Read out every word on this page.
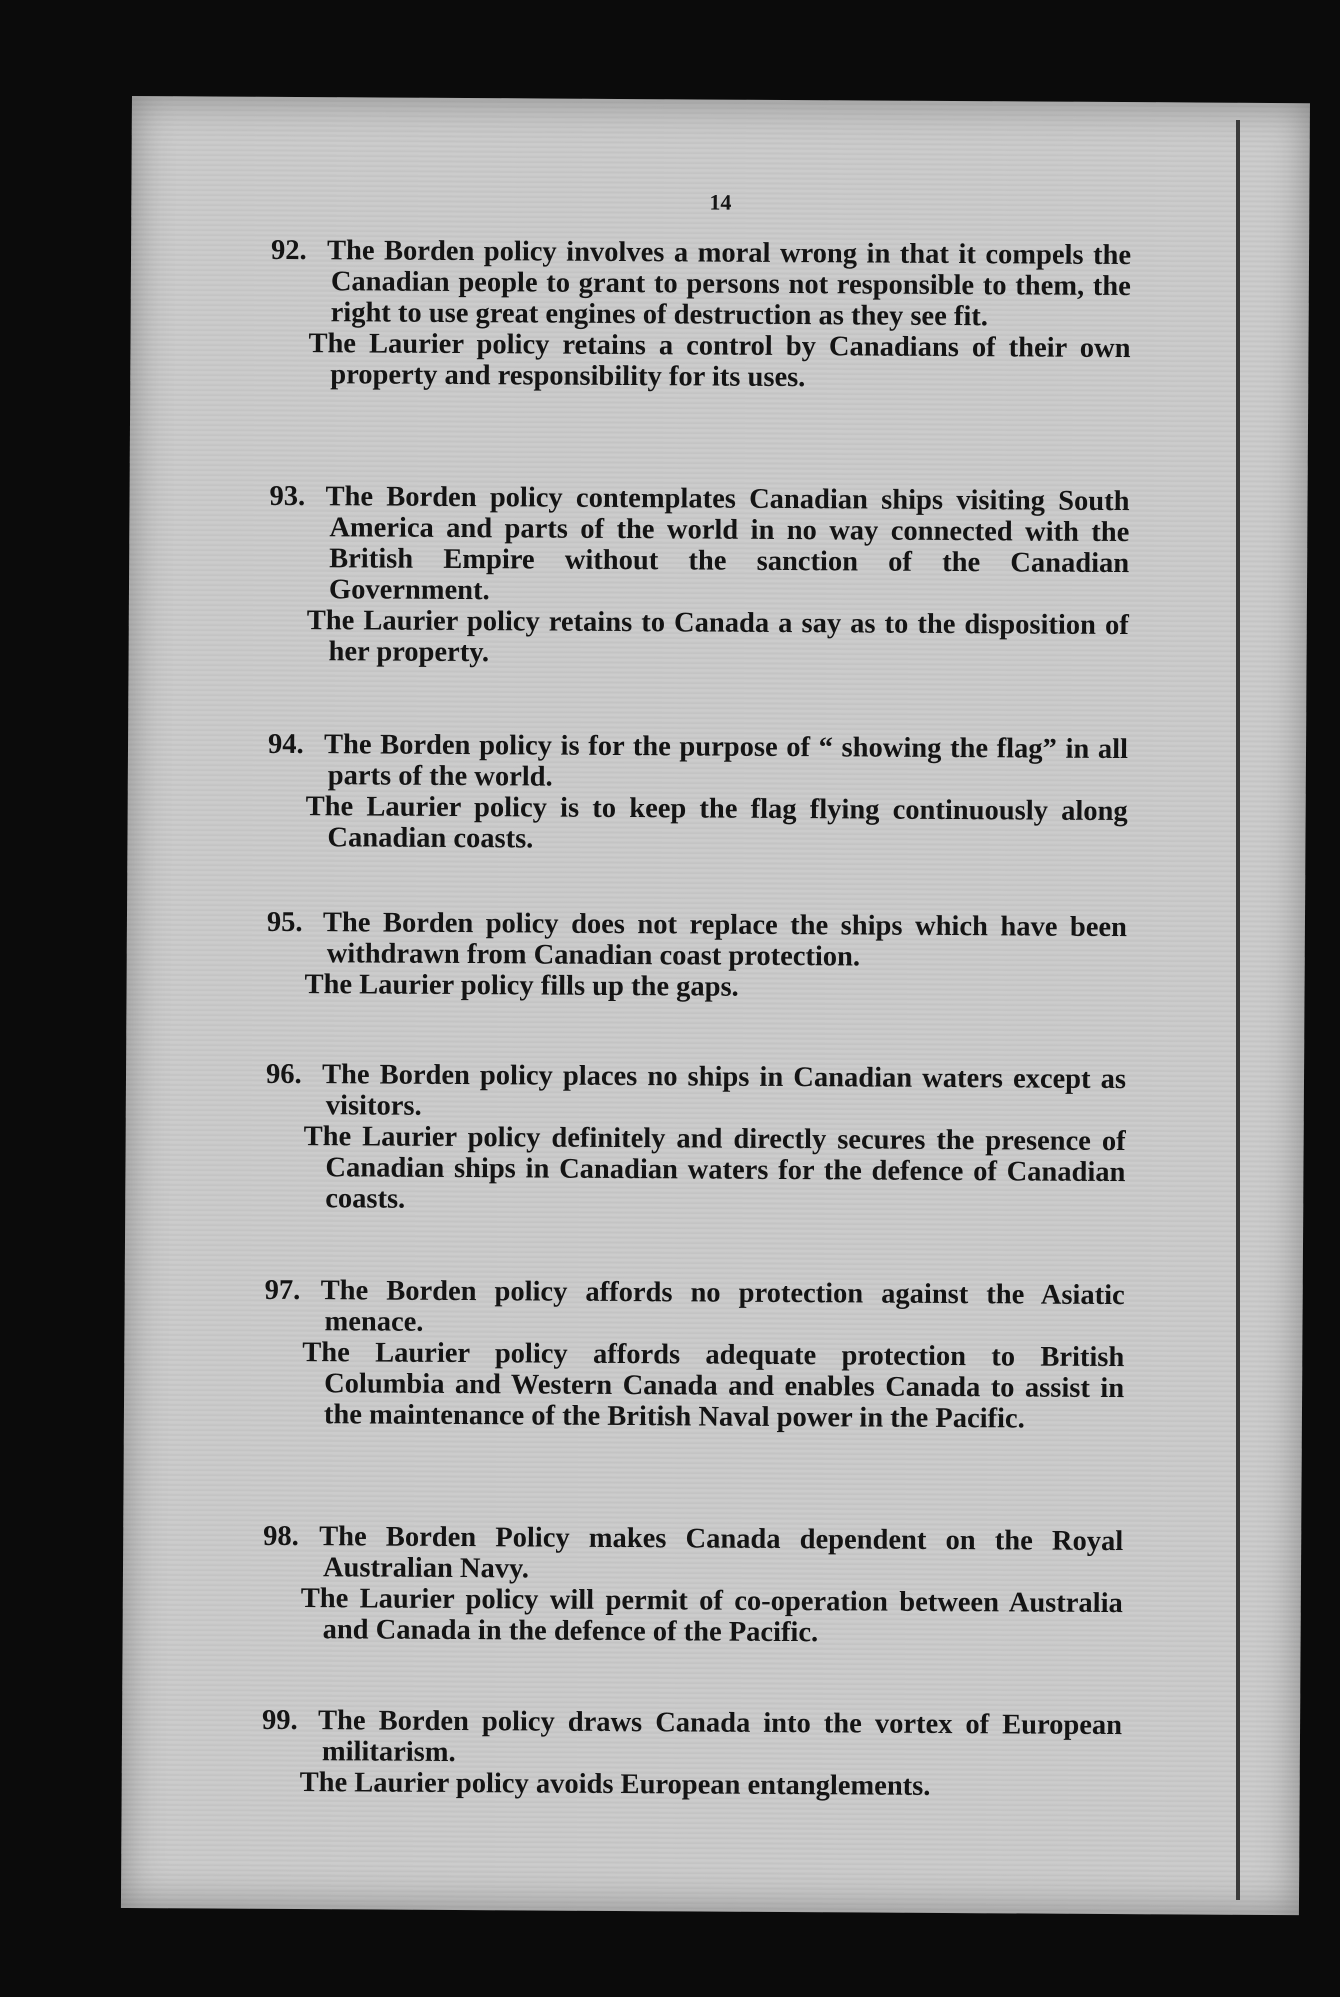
14

92. The Borden policy involves a moral wrong in that it compels the Canadian people to grant to persons not responsible to them, the right to use great engines of destruction as they see fit.

The Laurier policy retains a control by Canadians of their own property and responsibility for its uses.

93. The Borden policy contemplates Canadian ships visiting South America and parts of the world in no way connected with the British Empire without the sanction of the Canadian Government.

The Laurier policy retains to Canada a say as to the disposition of her property.

94. The Borden policy is for the purpose of “ showing the flag” in all parts of the world.

The Laurier policy is to keep the flag flying continuously along Canadian coasts.

95. The Borden policy does not replace the ships which have been withdrawn from Canadian coast protection.

The Laurier policy fills up the gaps.

96. The Borden policy places no ships in Canadian waters except as visitors.

The Laurier policy definitely and directly secures the presence of Canadian ships in Canadian waters for the defence of Canadian coasts.

97. The Borden policy affords no protection against the Asiatic menace.

The Laurier policy affords adequate protection to British Columbia and Western Canada and enables Canada to assist in the maintenance of the British Naval power in the Pacific.

98. The Borden Policy makes Canada dependent on the Royal Australian Navy.

The Laurier policy will permit of co-operation between Australia and Canada in the defence of the Pacific.

99. The Borden policy draws Canada into the vortex of European militarism.

The Laurier policy avoids European entanglements.
